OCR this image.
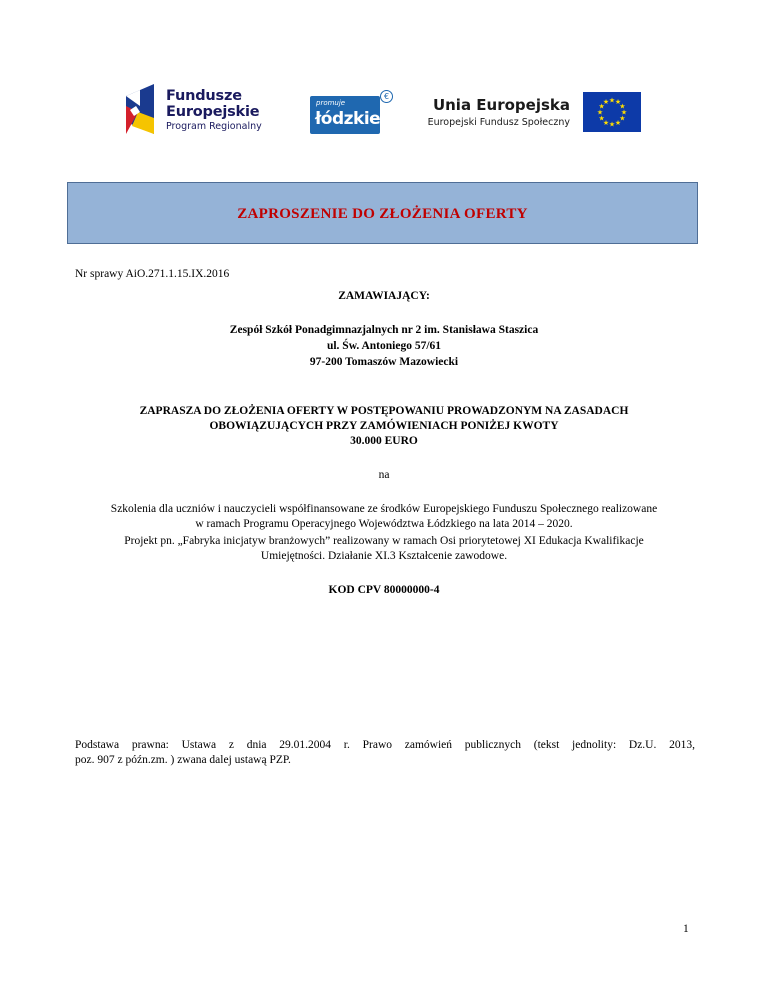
Fundusze
Europejskie
Program Regionalny
promuje
łódzkie
€	Unia Europejska
Europejski Fundusz Społeczny
★ ★
★
★
★
★
★
★
★
★
★
★
ZAPROSZENIE DO ZŁOŻENIA OFERTY
Nr sprawy AiO.271.1.15.IX.2016
ZAMAWIAJĄCY:
Zespół Szkół Ponadgimnazjalnych nr 2 im. Stanisława Staszica
ul. Św. Antoniego 57/61
97-200 Tomaszów Mazowiecki
ZAPRASZA DO ZŁOŻENIA OFERTY W POSTĘPOWANIU PROWADZONYM NA ZASADACH
OBOWIĄZUJĄCYCH PRZY ZAMÓWIENIACH PONIŻEJ KWOTY
30.000 EURO
na
Szkolenia dla uczniów i nauczycieli współfinansowane ze środków Europejskiego Funduszu Społecznego realizowane
w ramach Programu Operacyjnego Województwa Łódzkiego na lata 2014 – 2020.
Projekt pn. „Fabryka inicjatyw branżowych” realizowany w ramach Osi priorytetowej XI Edukacja Kwalifikacje
Umiejętności. Działanie XI.3 Kształcenie zawodowe.
KOD CPV 80000000-4
Podstawa prawna: Ustawa z dnia 29.01.2004 r. Prawo zamówień publicznych (tekst jednolity: Dz.U. 2013,
poz. 907 z późn.zm. ) zwana dalej ustawą PZP.
1
